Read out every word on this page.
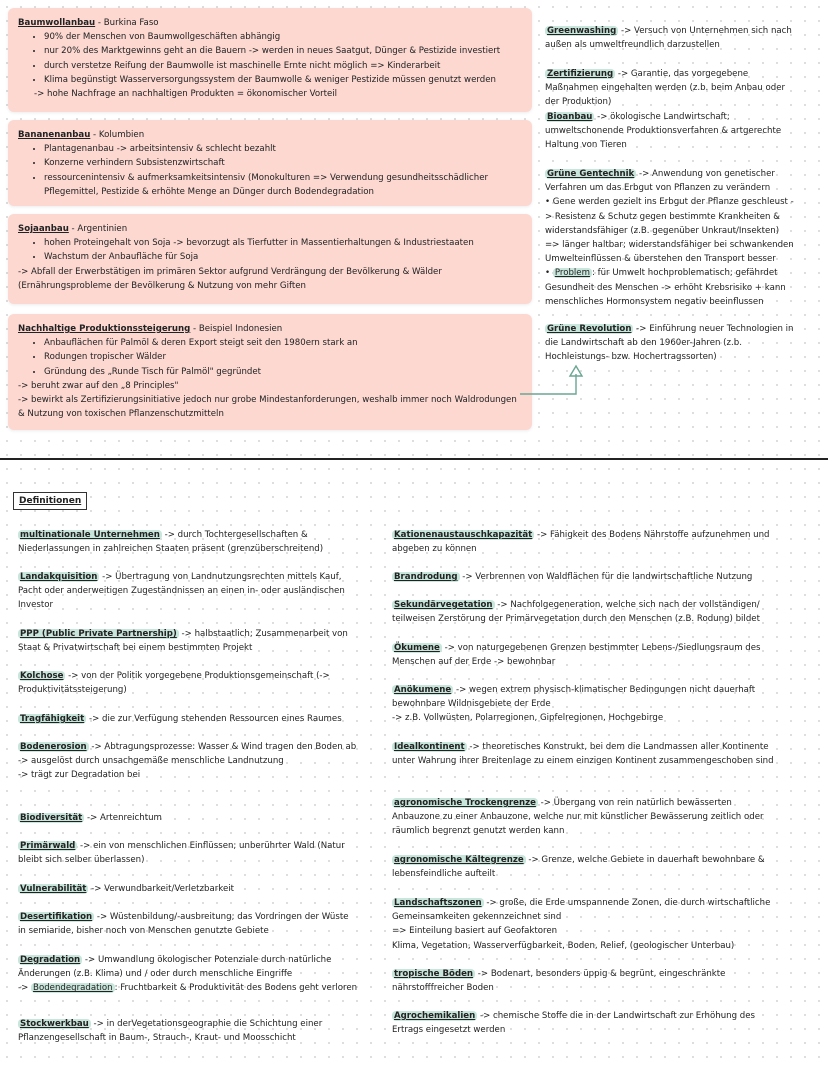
Baumwollanbau - Burkina Faso
• 90% der Menschen von Baumwollgeschäften abhängig
• nur 20% des Marktgewinns geht an die Bauern -> werden in neues Saatgut, Dünger & Pestizide investiert
• durch verstetze Reifung der Baumwolle ist maschinelle Ernte nicht möglich => Kinderarbeit
• Klima begünstigt Wasserversorgungssystem der Baumwolle & weniger Pestizide müssen genutzt werden
-> hohe Nachfrage an nachhaltigen Produkten = ökonomischer Vorteil
Bananenanbau - Kolumbien
• Plantagenanbau -> arbeitsintensiv & schlecht bezahlt
• Konzerne verhindern Subsistenzwirtschaft
• ressourcenintensiv & aufmerksamkeitsintensiv (Monokulturen => Verwendung gesundheitsschädlicher Pflegemittel, Pestizide & erhöhte Menge an Dünger durch Bodendegradation
Sojaanbau - Argentinien
• hohen Proteingehalt von Soja -> bevorzugt als Tierfutter in Massentierhaltungen & Industriestaaten
• Wachstum der Anbaufläche für Soja
-> Abfall der Erwerbstätigen im primären Sektor aufgrund Verdrängung der Bevölkerung & Wälder (Ernährungsprobleme der Bevölkerung & Nutzung von mehr Giften
Nachhaltige Produktionssteigerung - Beispiel Indonesien
• Anbauflächen für Palmöl & deren Export steigt seit den 1980ern stark an
• Rodungen tropischer Wälder
• Gründung des „Runde Tisch für Palmöl" gegründet
-> beruht zwar auf den „8 Principles"
-> bewirkt als Zertifizierungsinitiative jedoch nur grobe Mindestanforderungen, weshalb immer noch Waldrodungen & Nutzung von toxischen Pflanzenschutzmitteln

Greenwashing -> Versuch von Unternehmen sich nach außen als umweltfreundlich darzustellen

Zertifizierung -> Garantie, das vorgegebene Maßnahmen eingehalten werden (z.b. beim Anbau oder der Produktion)

Bioanbau -> ökologische Landwirtschaft; umweltschonende Produktionsverfahren & artgerechte Haltung von Tieren

Grüne Gentechnik -> Anwendung von genetischer Verfahren um das Erbgut von Pflanzen zu verändern

• Gene werden gezielt ins Erbgut der Pflanze geschleust -> Resistenz & Schutz gegen bestimmte Krankheiten & widerstandsfähiger (z.B. gegenüber Unkraut/Insekten) => länger haltbar; widerstandsfähiger bei schwankenden Umwelteinflüssen & überstehen den Transport besser

• Problem : für Umwelt hochproblematisch; gefährdet Gesundheit des Menschen -> erhöht Krebsrisiko + kann menschliches Hormonsystem negativ beeinflussen

Grüne Revolution -> Einführung neuer Technologien in die Landwirtschaft ab den 1960er-Jahren (z.b. Hochleistungs- bzw. Hochertragssorten)

Definitionen

multinationale Unternehmen -> durch Tochtergesellschaften & Niederlassungen in zahlreichen Staaten präsent (grenzüberschreitend)

Landakquisition -> Übertragung von Landnutzungsrechten mittels Kauf, Pacht oder anderweitigen Zugeständnissen an einen in- oder ausländischen Investor

PPP (Public Private Partnership) -> halbstaatlich; Zusammenarbeit von Staat & Privatwirtschaft bei einem bestimmten Projekt

Kolchose -> von der Politik vorgegebene Produktionsgemeinschaft (-> Produktivitätssteigerung)

Tragfähigkeit -> die zur Verfügung stehenden Ressourcen eines Raumes

Bodenerosion -> Abtragungsprozesse: Wasser & Wind tragen den Boden ab
-> ausgelöst durch unsachgemäße menschliche Landnutzung
-> trägt zur Degradation bei

Biodiversität -> Artenreichtum

Primärwald -> ein von menschlichen Einflüssen; unberührter Wald (Natur bleibt sich selber überlassen)

Vulnerabilität -> Verwundbarkeit/Verletzbarkeit

Desertifikation -> Wüstenbildung/-ausbreitung; das Vordringen der Wüste in semiaride, bisher noch von Menschen genutzte Gebiete

Degradation -> Umwandlung ökologischer Potenziale durch natürliche Änderungen (z.B. Klima) und / oder durch menschliche Eingriffe

-> Bodendegradation : Fruchtbarkeit & Produktivität des Bodens geht verloren

Stockwerkbau -> in derVegetationsgeographie die Schichtung einer Pflanzengesellschaft in Baum-, Strauch-, Kraut- und Moosschicht

Kationenaustauschkapazität -> Fähigkeit des Bodens Nährstoffe aufzunehmen und abgeben zu können

Brandrodung -> Verbrennen von Waldflächen für die landwirtschaftliche Nutzung

Sekundärvegetation -> Nachfolgegeneration, welche sich nach der vollständigen/ teilweisen Zerstörung der Primärvegetation durch den Menschen (z.B. Rodung) bildet

Ökumene -> von naturgegebenen Grenzen bestimmter Lebens-/Siedlungsraum des Menschen auf der Erde -> bewohnbar

Anökumene -> wegen extrem physisch-klimatischer Bedingungen nicht dauerhaft bewohnbare Wildnisgebiete der Erde
-> z.B. Vollwüsten, Polarregionen, Gipfelregionen, Hochgebirge

Idealkontinent -> theoretisches Konstrukt, bei dem die Landmassen aller Kontinente unter Wahrung ihrer Breitenlage zu einem einzigen Kontinent zusammengeschoben sind

agronomische Trockengrenze -> Übergang von rein natürlich bewässerten Anbauzone zu einer Anbauzone, welche nur mit künstlicher Bewässerung zeitlich oder räumlich begrenzt genutzt werden kann

agronomische Kältegrenze -> Grenze, welche Gebiete in dauerhaft bewohnbare & lebensfeindliche aufteilt

Landschaftszonen -> große, die Erde umspannende Zonen, die durch wirtschaftliche Gemeinsamkeiten gekennzeichnet sind
=> Einteilung basiert auf Geofaktoren
Klima, Vegetation, Wasserverfügbarkeit, Boden, Relief, (geologischer Unterbau)

tropische Böden -> Bodenart, besonders üppig & begrünt, eingeschränkte nährstofffreicher Boden

Agrochemikalien -> chemische Stoffe die in der Landwirtschaft zur Erhöhung des Ertrags eingesetzt werden
